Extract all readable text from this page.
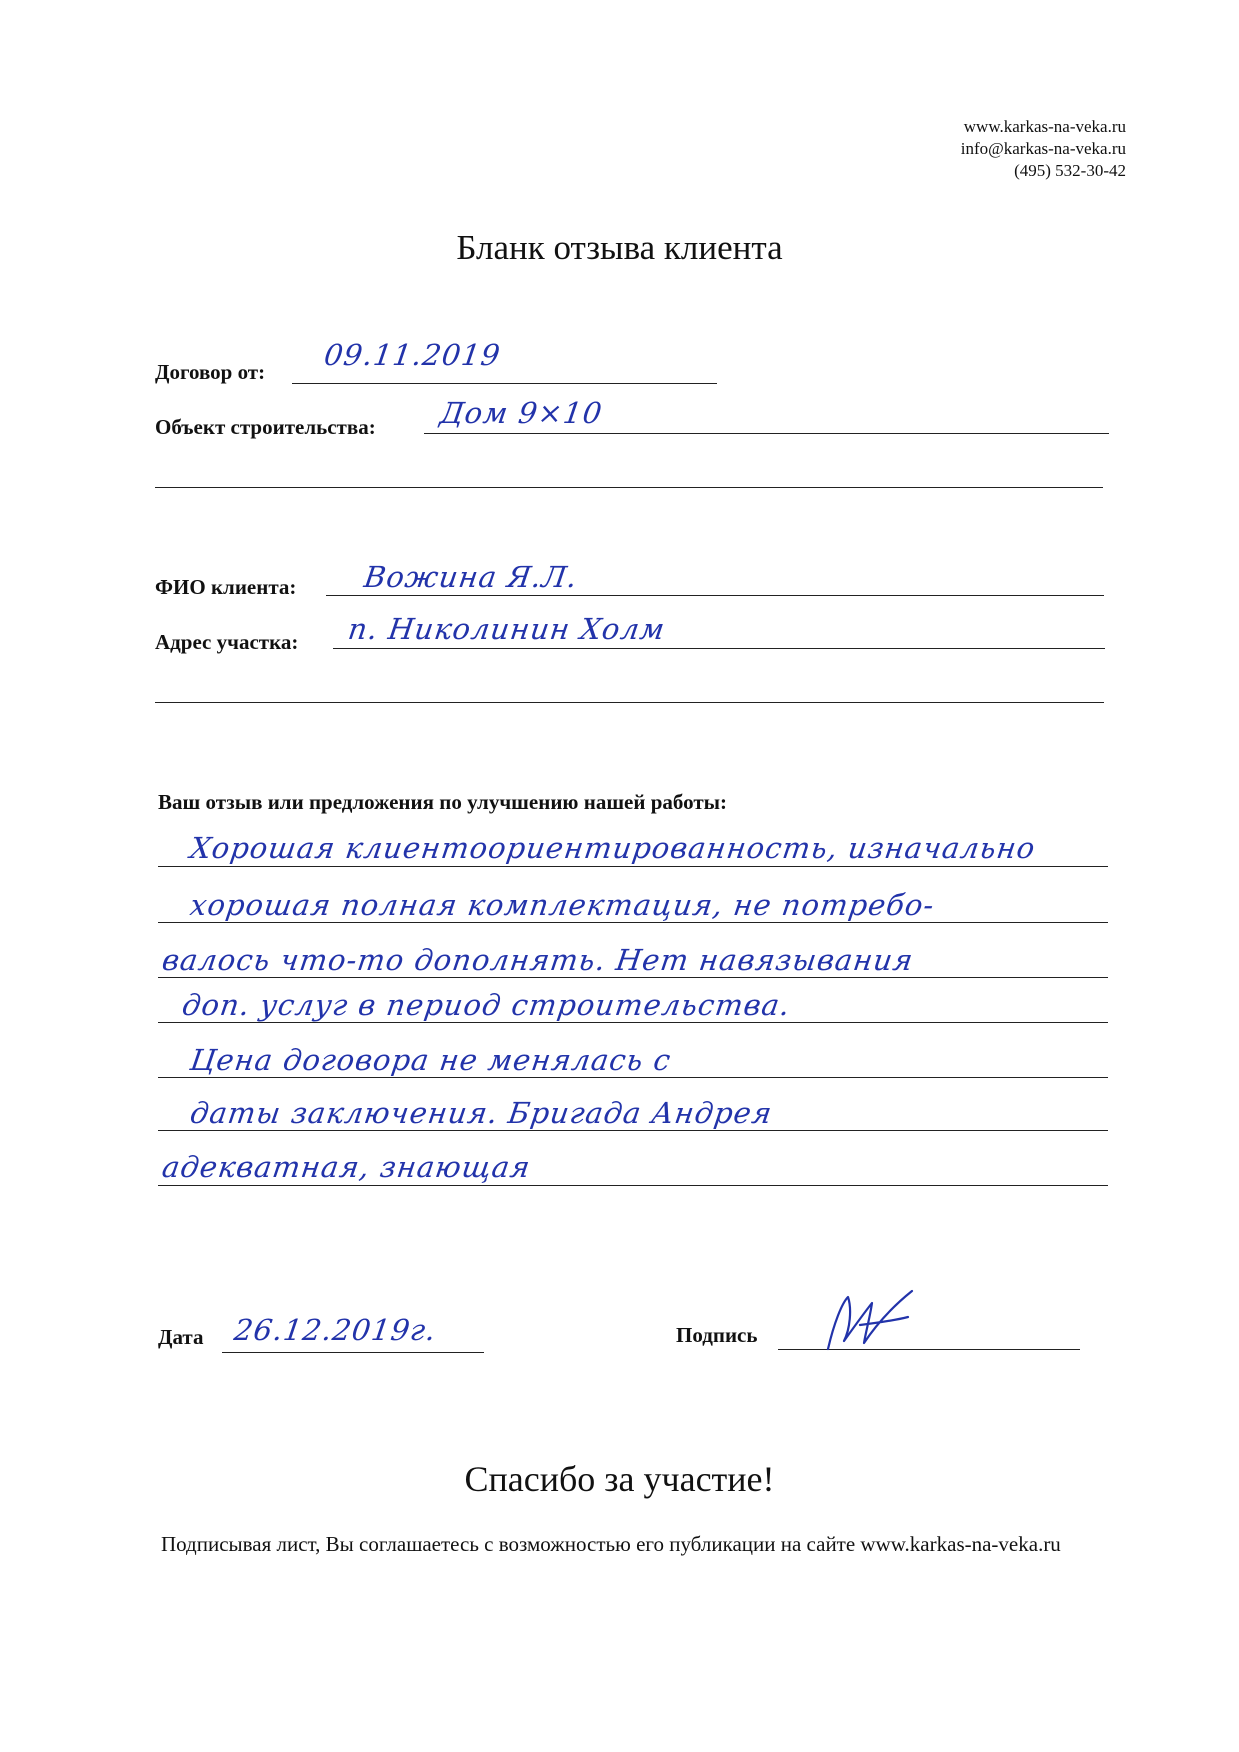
www.karkas-na-veka.ru
info@karkas-na-veka.ru
(495) 532-30-42
Бланк отзыва клиента
Договор от: 09.11.2019
Объект строительства: Дом 9×10
ФИО клиента: Вожина Я.Л.
Адрес участка: п. Николинин Холм
Ваш отзыв или предложения по улучшению нашей работы:
Хорошая клиентоориентированность, изначально
хорошая полная комплектация, не потребо-
валось что-то дополнять. Нет навязывания
доп. услуг в период строительства.
Цена договора не менялась с
даты заключения. Бригада Андрея
адекватная, знающая
Дата 26.12.2019г.	Подпись
Спасибо за участие!
Подписывая лист, Вы соглашаетесь с возможностью его публикации на сайте www.karkas-na-veka.ru
